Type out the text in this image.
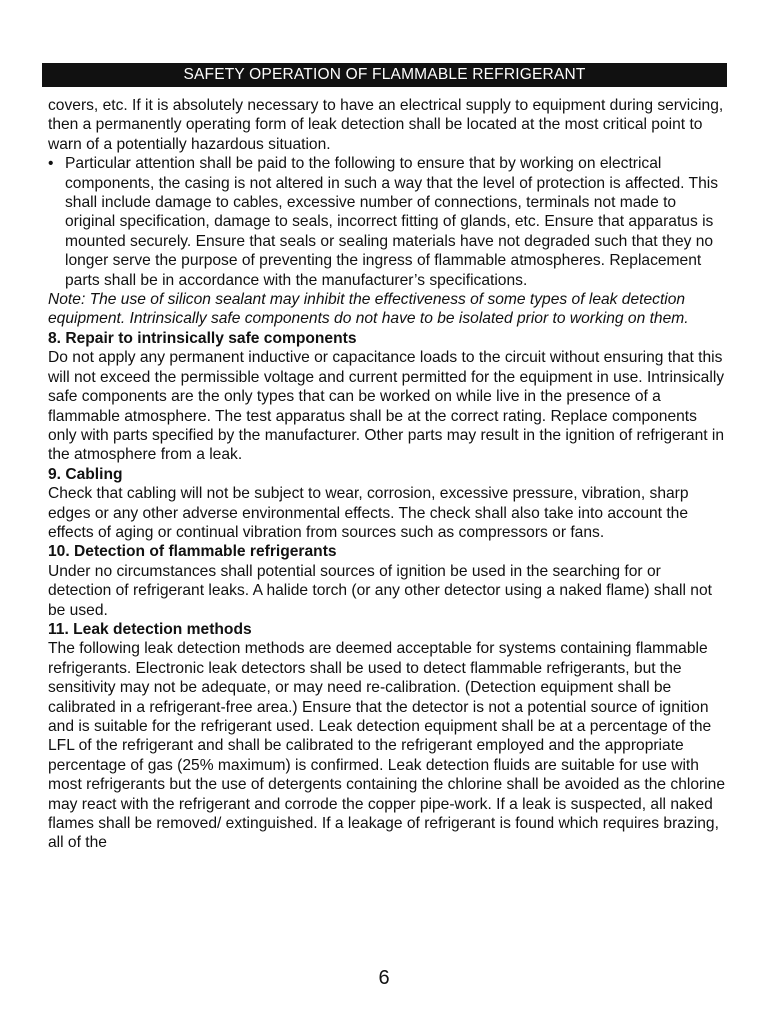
SAFETY OPERATION OF FLAMMABLE REFRIGERANT

covers, etc. If it is absolutely necessary to have an electrical supply to equipment during servicing, then a permanently operating form of leak detection shall be located at the most critical point to warn of a potentially hazardous situation.

• Particular attention shall be paid to the following to ensure that by working on electrical components, the casing is not altered in such a way that the level of protection is affected. This shall include damage to cables, excessive number of connections, terminals not made to original specification, damage to seals, incorrect fitting of glands, etc. Ensure that apparatus is mounted securely. Ensure that seals or sealing materials have not degraded such that they no longer serve the purpose of preventing the ingress of flammable atmospheres. Replacement parts shall be in accordance with the manufacturer’s specifications.

Note: The use of silicon sealant may inhibit the effectiveness of some types of leak detection equipment. Intrinsically safe components do not have to be isolated prior to working on them.

8. Repair to intrinsically safe components

Do not apply any permanent inductive or capacitance loads to the circuit without ensuring that this will not exceed the permissible voltage and current permitted for the equipment in use. Intrinsically safe components are the only types that can be worked on while live in the presence of a flammable atmosphere. The test apparatus shall be at the correct rating. Replace components only with parts specified by the manufacturer. Other parts may result in the ignition of refrigerant in the atmosphere from a leak.

9. Cabling

Check that cabling will not be subject to wear, corrosion, excessive pressure, vibration, sharp edges or any other adverse environmental effects. The check shall also take into account the effects of aging or continual vibration from sources such as compressors or fans.

10. Detection of flammable refrigerants

Under no circumstances shall potential sources of ignition be used in the searching for or detection of refrigerant leaks. A halide torch (or any other detector using a naked flame) shall not be used.

11. Leak detection methods

The following leak detection methods are deemed acceptable for systems containing flammable refrigerants. Electronic leak detectors shall be used to detect flammable refrigerants, but the sensitivity may not be adequate, or may need re-calibration. (Detection equipment shall be calibrated in a refrigerant-free area.) Ensure that the detector is not a potential source of ignition and is suitable for the refrigerant used. Leak detection equipment shall be at a percentage of the LFL of the refrigerant and shall be calibrated to the refrigerant employed and the appropriate percentage of gas (25% maximum) is confirmed. Leak detection fluids are suitable for use with most refrigerants but the use of detergents containing the chlorine shall be avoided as the chlorine may react with the refrigerant and corrode the copper pipe-work. If a leak is suspected, all naked flames shall be removed/ extinguished. If a leakage of refrigerant is found which requires brazing, all of the

6
